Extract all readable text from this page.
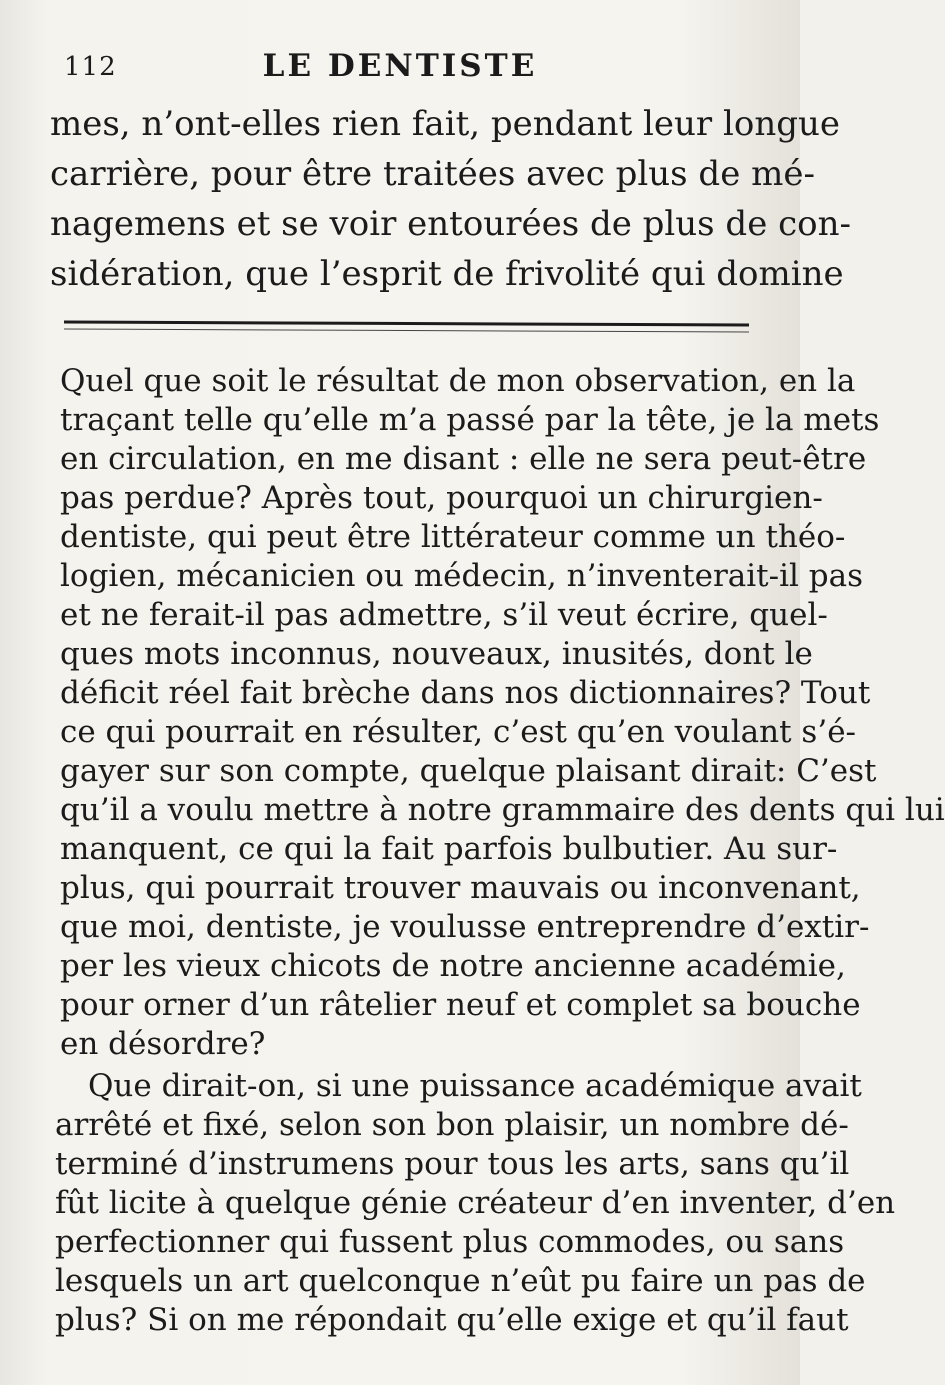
112	LE DENTISTE
mes, n’ont-elles rien fait, pendant leur longue
carrière, pour être traitées avec plus de mé-
nagemens et se voir entourées de plus de con-
sidération, que l’esprit de frivolité qui domine
Quel que soit le résultat de mon observation, en la
traçant telle qu’elle m’a passé par la tête, je la mets
en circulation, en me disant : elle ne sera peut-être
pas perdue? Après tout, pourquoi un chirurgien-
dentiste, qui peut être littérateur comme un théo-
logien, mécanicien ou médecin, n’inventerait-il pas
et ne ferait-il pas admettre, s’il veut écrire, quel-
ques mots inconnus, nouveaux, inusités, dont le
déficit réel fait brèche dans nos dictionnaires? Tout
ce qui pourrait en résulter, c’est qu’en voulant s’é-
gayer sur son compte, quelque plaisant dirait: C’est
qu’il a voulu mettre à notre grammaire des dents qui lui
manquent, ce qui la fait parfois bulbutier. Au sur-
plus, qui pourrait trouver mauvais ou inconvenant,
que moi, dentiste, je voulusse entreprendre d’extir-
per les vieux chicots de notre ancienne académie,
pour orner d’un râtelier neuf et complet sa bouche
en désordre?
Que dirait-on, si une puissance académique avait
arrêté et fixé, selon son bon plaisir, un nombre dé-
terminé d’instrumens pour tous les arts, sans qu’il
fût licite à quelque génie créateur d’en inventer, d’en
perfectionner qui fussent plus commodes, ou sans
lesquels un art quelconque n’eût pu faire un pas de
plus? Si on me répondait qu’elle exige et qu’il faut
